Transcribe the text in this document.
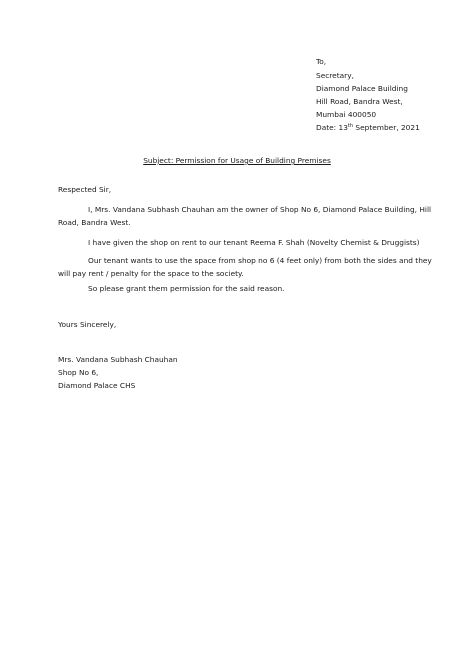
To,

Secretary,

Diamond Palace Building

Hill Road, Bandra West,

Mumbai 400050

Date: 13th September, 2021

Subject: Permission for Usage of Building Premises

Respected Sir,

I, Mrs. Vandana Subhash Chauhan am the owner of Shop No 6, Diamond Palace Building, Hill
Road, Bandra West.
I have given the shop on rent to our tenant Reema F. Shah (Novelty Chemist & Druggists)
Our tenant wants to use the space from shop no 6 (4 feet only) from both the sides and they
will pay rent / penalty for the space to the society.
So please grant them permission for the said reason.

Yours Sincerely,

Mrs. Vandana Subhash Chauhan

Shop No 6,

Diamond Palace CHS
